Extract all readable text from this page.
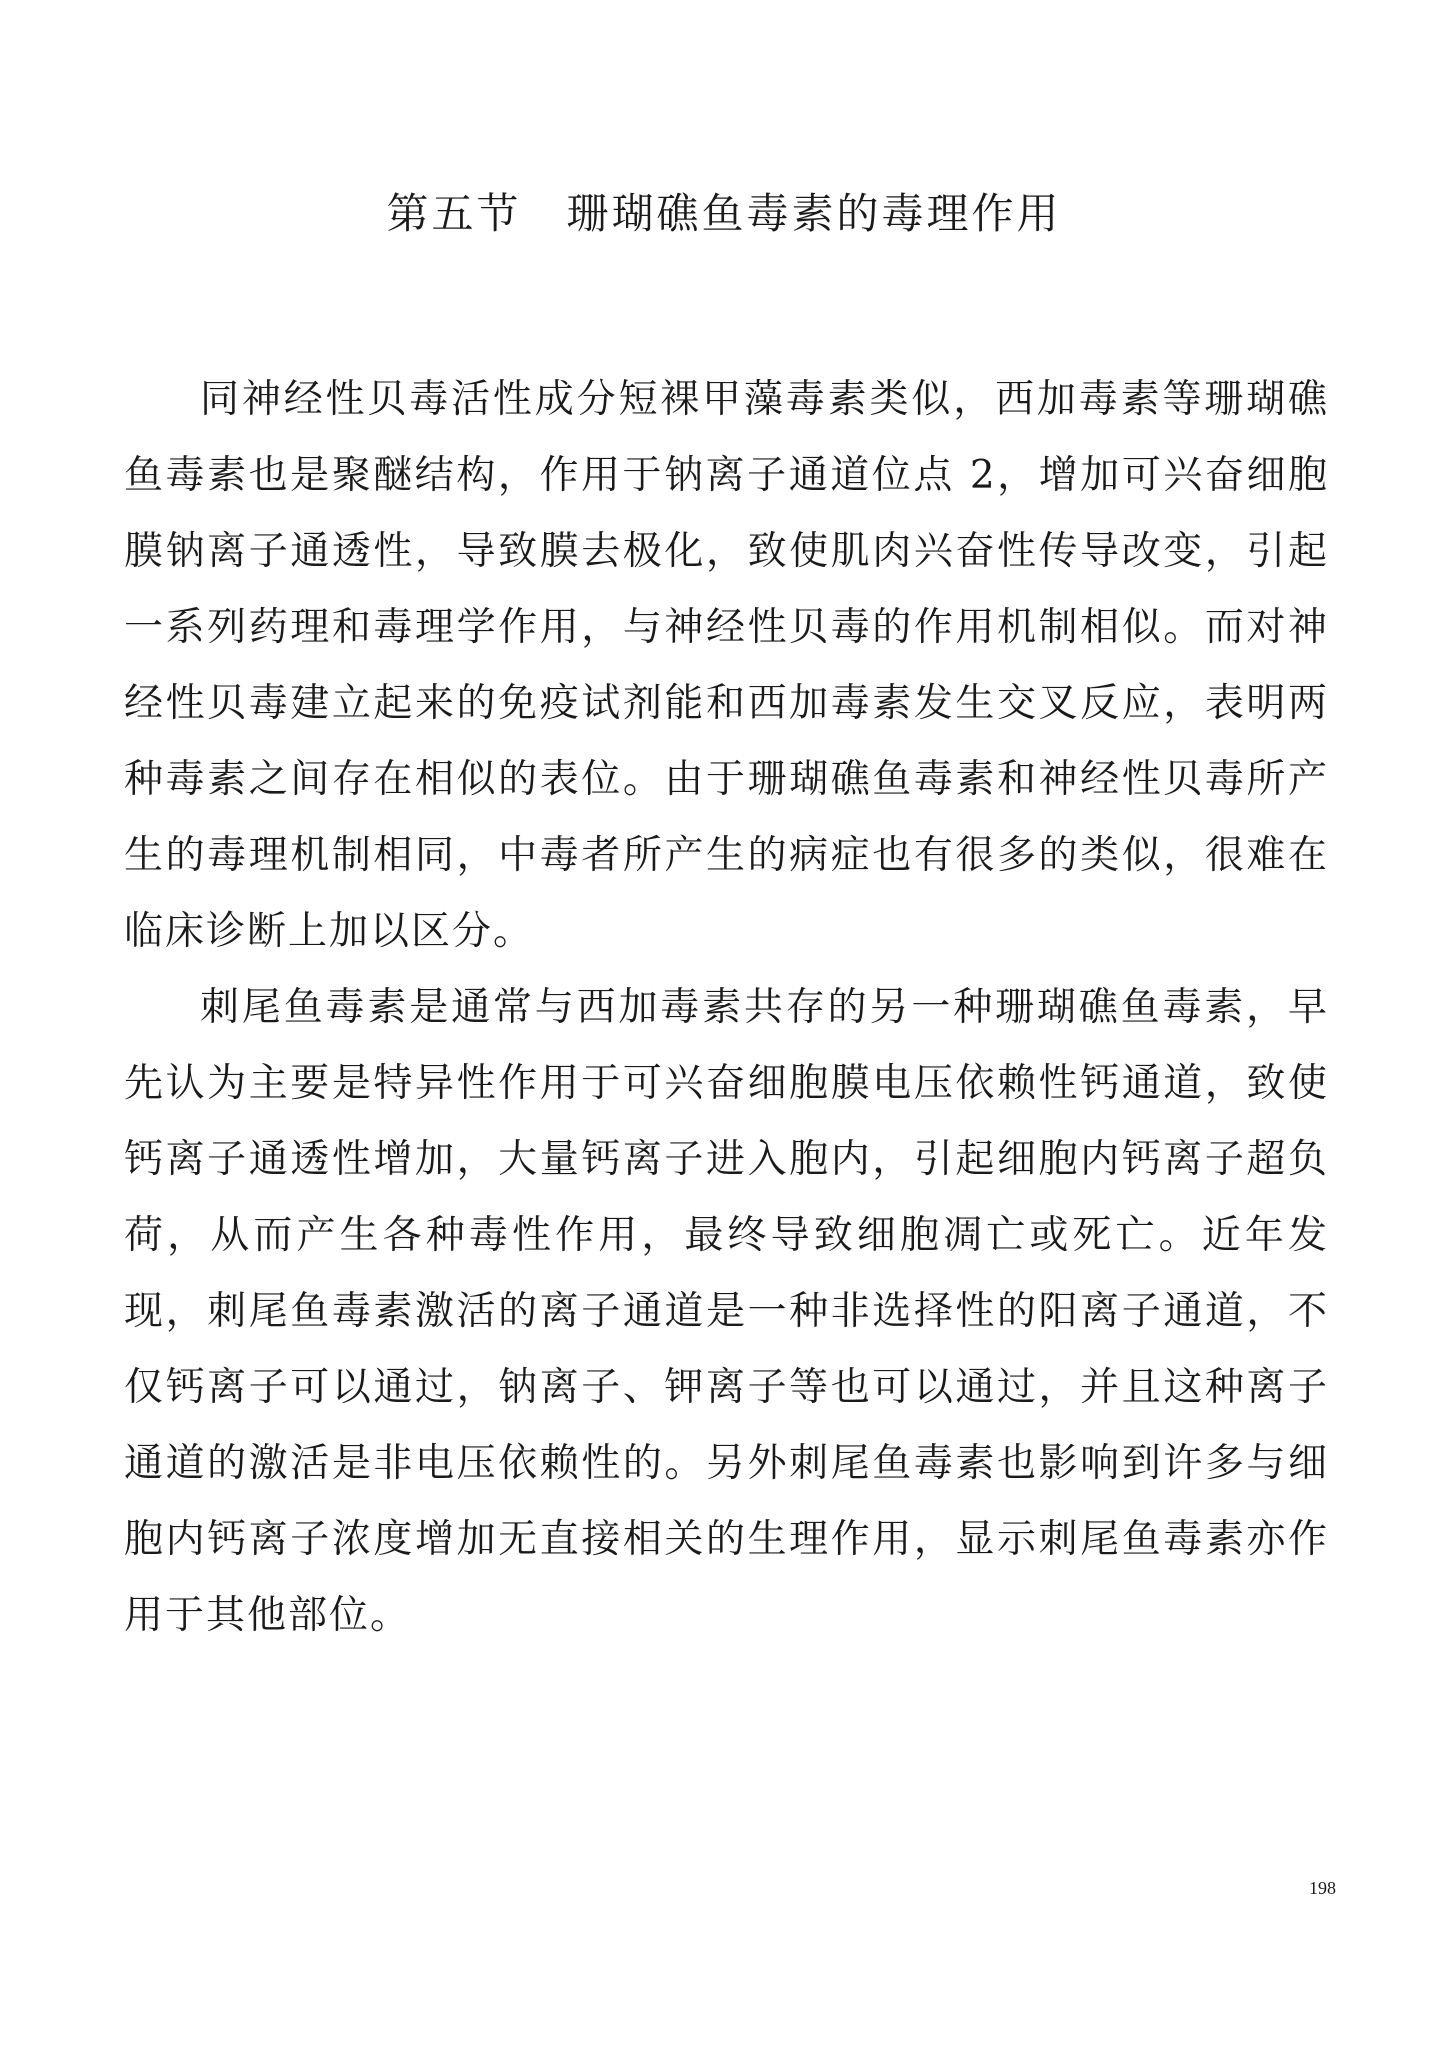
第五节　珊瑚礁鱼毒素的毒理作用

同神经性贝毒活性成分短裸甲藻毒素类似，西加毒素等珊瑚礁鱼毒素也是聚醚结构，作用于钠离子通道位点 2，增加可兴奋细胞膜钠离子通透性，导致膜去极化，致使肌肉兴奋性传导改变，引起一系列药理和毒理学作用，与神经性贝毒的作用机制相似。而对神经性贝毒建立起来的免疫试剂能和西加毒素发生交叉反应，表明两种毒素之间存在相似的表位。由于珊瑚礁鱼毒素和神经性贝毒所产生的毒理机制相同，中毒者所产生的病症也有很多的类似，很难在临床诊断上加以区分。

刺尾鱼毒素是通常与西加毒素共存的另一种珊瑚礁鱼毒素，早先认为主要是特异性作用于可兴奋细胞膜电压依赖性钙通道，致使钙离子通透性增加，大量钙离子进入胞内，引起细胞内钙离子超负荷，从而产生各种毒性作用，最终导致细胞凋亡或死亡。近年发现，刺尾鱼毒素激活的离子通道是一种非选择性的阳离子通道，不仅钙离子可以通过，钠离子、钾离子等也可以通过，并且这种离子通道的激活是非电压依赖性的。另外刺尾鱼毒素也影响到许多与细胞内钙离子浓度增加无直接相关的生理作用，显示刺尾鱼毒素亦作用于其他部位。

198
